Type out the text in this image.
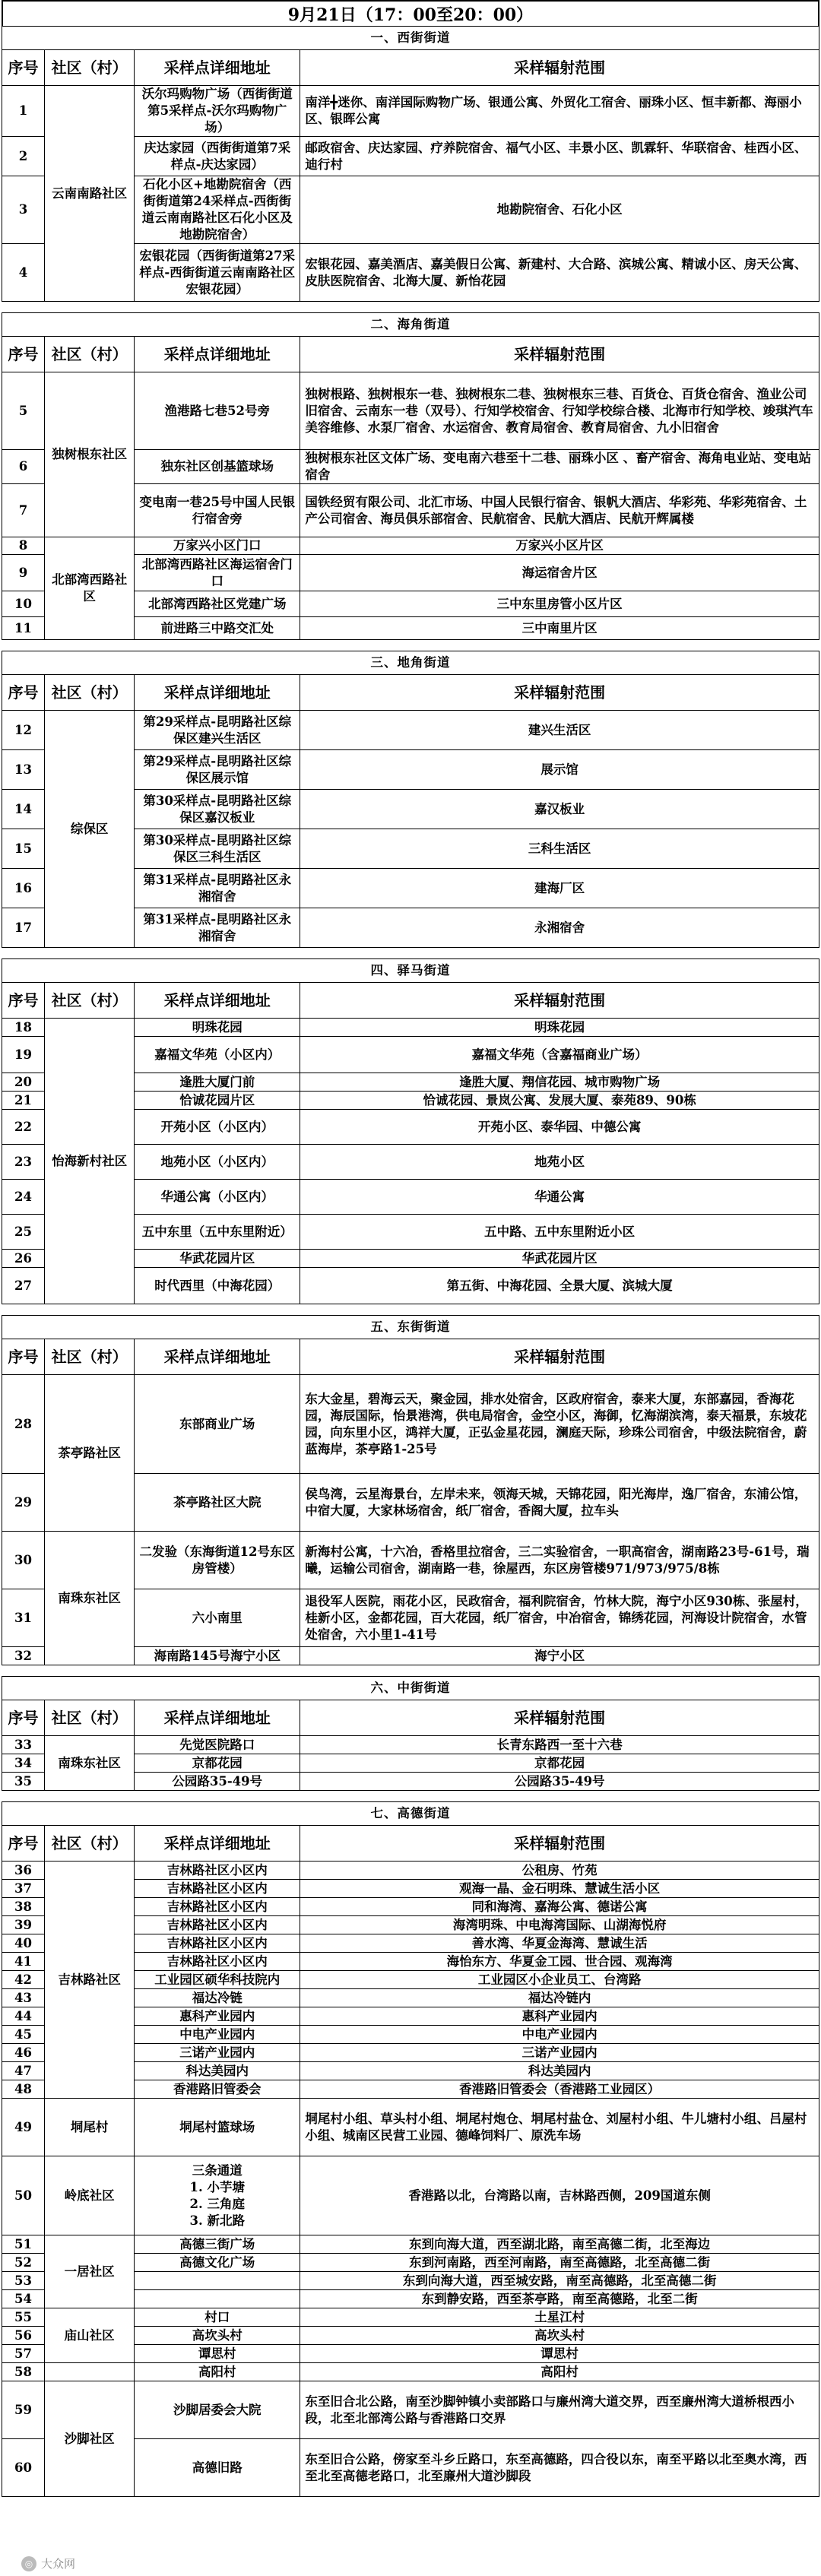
9月21日（17：00至20：00）
一、西街街道			
序号	社区（村）	采样点详细地址	采样辐射范围
1	云南南路社区	沃尔玛购物广场（西街街道第5采样点-沃尔玛购物广场）	南洋╋迷你、南洋国际购物广场、银通公寓、外贸化工宿舍、丽珠小区、恒丰新都、海丽小区、银晖公寓
2		庆达家园（西街街道第7采样点-庆达家园）	邮政宿舍、庆达家园、疗养院宿舍、福气小区、丰景小区、凯霖轩、华联宿舍、桂西小区、迪行村
3		石化小区+地勘院宿舍（西街街道第24采样点-西街街道云南南路社区石化小区及地勘院宿舍）	地勘院宿舍、石化小区
4		宏银花园（西街街道第27采样点-西街街道云南南路社区宏银花园）	宏银花园、嘉美酒店、嘉美假日公寓、新建村、大合路、滨城公寓、精诚小区、房天公寓、皮肤医院宿舍、北海大厦、新怡花园
二、海角街道			
序号	社区（村）	采样点详细地址	采样辐射范围
5	独树根东社区	渔港路七巷52号旁	独树根路、独树根东一巷、独树根东二巷、独树根东三巷、百货仓、百货仓宿舍、渔业公司旧宿舍、云南东一巷（双号）、行知学校宿舍、行知学校综合楼、北海市行知学校、竣琪汽车美容维修、水泵厂宿舍、水运宿舍、教育局宿舍、教育局宿舍、九小旧宿舍
6		独东社区创基篮球场	独树根东社区文体广场、变电南六巷至十二巷、丽珠小区 、畜产宿舍、海角电业站、变电站宿舍
7		变电南一巷25号中国人民银行宿舍旁	国铁经贸有限公司、北汇市场、中国人民银行宿舍、银帆大酒店、华彩苑、华彩苑宿舍、土产公司宿舍、海员俱乐部宿舍、民航宿舍、民航大酒店、民航开辉属楼
8	北部湾西路社区	万家兴小区门口	万家兴小区片区
9		北部湾西路社区海运宿舍门口	海运宿舍片区
10		北部湾西路社区党建广场	三中东里房管小区片区
11		前进路三中路交汇处	三中南里片区
三、地角街道			
序号	社区（村）	采样点详细地址	采样辐射范围
12	综保区	第29采样点-昆明路社区综保区建兴生活区	建兴生活区
13		第29采样点-昆明路社区综保区展示馆	展示馆
14		第30采样点-昆明路社区综保区嘉汉板业	嘉汉板业
15		第30采样点-昆明路社区综保区三科生活区	三科生活区
16		第31采样点-昆明路社区永湘宿舍	建海厂区
17		第31采样点-昆明路社区永湘宿舍	永湘宿舍
四、驿马街道			
序号	社区（村）	采样点详细地址	采样辐射范围
18	怡海新村社区	明珠花园	明珠花园
19		嘉福文华苑（小区内）	嘉福文华苑（含嘉福商业广场）
20		逢胜大厦门前	逢胜大厦、翔信花园、城市购物广场
21		恰诚花园片区	恰诚花园、景岚公寓、发展大厦、泰苑89、90栋
22		开苑小区（小区内）	开苑小区、泰华园、中德公寓
23		地苑小区（小区内）	地苑小区
24		华通公寓（小区内）	华通公寓
25		五中东里（五中东里附近）	五中路、五中东里附近小区
26		华武花园片区	华武花园片区
27		时代西里（中海花园）	第五街、中海花园、全景大厦、滨城大厦
五、东街街道			
序号	社区（村）	采样点详细地址	采样辐射范围
28	茶亭路社区	东部商业广场	东大金星，碧海云天，聚金园，排水处宿舍，区政府宿舍，泰来大厦，东部嘉园，香海花园，海辰国际，怡景港湾，供电局宿舍，金空小区，海御，忆海湖滨湾，泰天福景，东坡花园，向东里小区，鸿祥大厦，正弘金星花园，澜庭天际，珍珠公司宿舍，中级法院宿舍，蔚蓝海岸，茶亭路1-25号
29		茶亭路社区大院	侯鸟湾，云星海景台，左岸未来，领海天城，天锦花园，阳光海岸，逸厂宿舍，东浦公馆，中宿大厦，大家林场宿舍，纸厂宿舍，香阁大厦，拉车头
30	南珠东社区	二发验（东海街道12号东区房管楼）	新海村公寓，十六冶，香格里拉宿舍，三二实验宿舍，一职高宿舍，湖南路23号-61号，瑞曦，运输公司宿舍，湖南路一巷，徐屋西，东区房管楼971/973/975/8栋
31		六小南里	退役军人医院，雨花小区，民政宿舍，福利院宿舍，竹林大院，海宁小区930栋、张屋村，桂新小区，金都花园，百大花园，纸厂宿舍，中冶宿舍，锦绣花园，河海设计院宿舍，水管处宿舍，六小里1-41号
32		海南路145号海宁小区	海宁小区
六、中街街道			
序号	社区（村）	采样点详细地址	采样辐射范围
33	南珠东社区	先觉医院路口	长青东路西一至十六巷
34		京都花园	京都花园
35		公园路35-49号	公园路35-49号
七、高德街道			
序号	社区（村）	采样点详细地址	采样辐射范围
36	吉林路社区	吉林路社区小区内	公租房、竹苑
37		吉林路社区小区内	观海一晶、金石明珠、慧诚生活小区
38		吉林路社区小区内	同和海湾、嘉海公寓、德诺公寓
39		吉林路社区小区内	海湾明珠、中电海湾国际、山湖海悦府
40		吉林路社区小区内	善水湾、华夏金海湾、慧诚生活
41		吉林路社区小区内	海怡东方、华夏金工园、世合园、观海湾
42		工业园区硕华科技院内	工业园区小企业员工、台湾路
43		福达冷链	福达冷链内
44		惠科产业园内	惠科产业园内
45		中电产业园内	中电产业园内
46		三诺产业园内	三诺产业园内
47		科达美园内	科达美园内
48		香港路旧管委会	香港路旧管委会（香港路工业园区）
49	垌尾村	垌尾村篮球场	垌尾村小组、草头村小组、垌尾村炮仓、垌尾村盐仓、刘屋村小组、牛儿塘村小组、吕屋村小组、城南区民营工业园、德峰饲料厂、原洗车场
50	岭底社区	三条通道
1. 小芋塘
2. 三角庭
3. 新北路	香港路以北，台湾路以南，吉林路西侧，209国道东侧
51	一居社区	高德三街广场	东到向海大道，西至湖北路，南至高德二街，北至海边
52		高德文化广场	东到河南路，西至河南路，南至高德路，北至高德二街
53			东到向海大道，西至城安路，南至高德路，北至高德二街
54			东到静安路，西至茶亭路，南至高德路，北至二街
55	庙山社区	村口	土星江村
56		高坎头村	高坎头村
57		谭思村	谭思村
58		高阳村	高阳村
59	沙脚社区	沙脚居委会大院	东至旧合北公路，南至沙脚钟镇小卖部路口与廉州湾大道交界，西至廉州湾大道桥根西小段，北至北部湾公路与香港路口交界
60		高德旧路	东至旧合公路，傍家至斗乡丘路口，东至高德路，四合役以东，南至平路以北至奥水湾，西至北至高德老路口，北至廉州大道沙脚段
◎ 大众网
